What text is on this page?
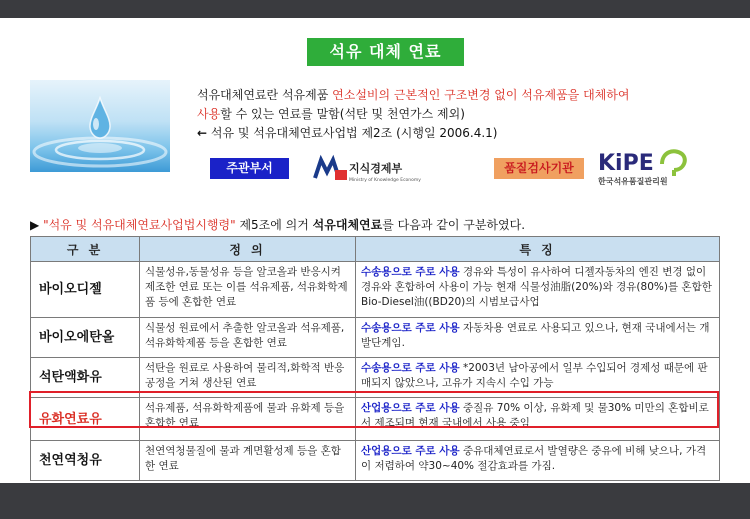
석유 대체 연료
석유대체연료란 석유제품 연소설비의 근본적인 구조변경 없이 석유제품을 대체하여
사용할 수 있는 연료를 말함(석탄 및 천연가스 제외)
← 석유 및 석유대체연료사업법 제2조 (시행일 2006.4.1)
주관부서	지식경제부
Ministry of Knowledge Economy
품질검사기관	KiPE
한국석유품질관리원
▶ "석유 및 석유대체연료사업법시행령" 제5조에 의거 석유대체연료를 다음과 같이 구분하였다.
구 분	정 의	특 징
바이오디젤	식물성유,동물성유 등을 알코올과 반응시켜 제조한 연료 또는 이를 석유제품, 석유화학제품 등에 혼합한 연료	수송용으로 주로 사용 경유와 특성이 유사하여 디젤자동차의 엔진 변경 없이 경유와 혼합하여 사용이 가능 현재 식물성油脂(20%)와 경유(80%)를 혼합한 Bio-Diesel油((BD20)의 시범보급사업
바이오에탄올	식물성 원료에서 추출한 알코올과 석유제품,석유화학제품 등을 혼합한 연료	수송용으로 주로 사용 자동차용 연료로 사용되고 있으나, 현재 국내에서는 개발단계임.
석탄액화유	석탄을 원료로 사용하여 물리적,화학적 반응공정을 거쳐 생산된 연료	수송용으로 주로 사용 *2003년 남아공에서 일부 수입되어 경제성 때문에 판매되지 않았으나, 고유가 지속시 수입 가능
유화연료유	석유제품, 석유화학제품에 물과 유화제 등을 혼합한 연료	산업용으로 주로 사용 중질유 70% 이상, 유화제 및 물30% 미만의 혼합비로서 제조되며 현재 국내에서 사용 중임
천연역청유	천연역청물질에 물과 계면활성제 등을 혼합한 연료	산업용으로 주로 사용 중유대체연료로서 발열량은 중유에 비해 낮으나, 가격이 저렴하여 약30~40% 절감효과를 가짐.
